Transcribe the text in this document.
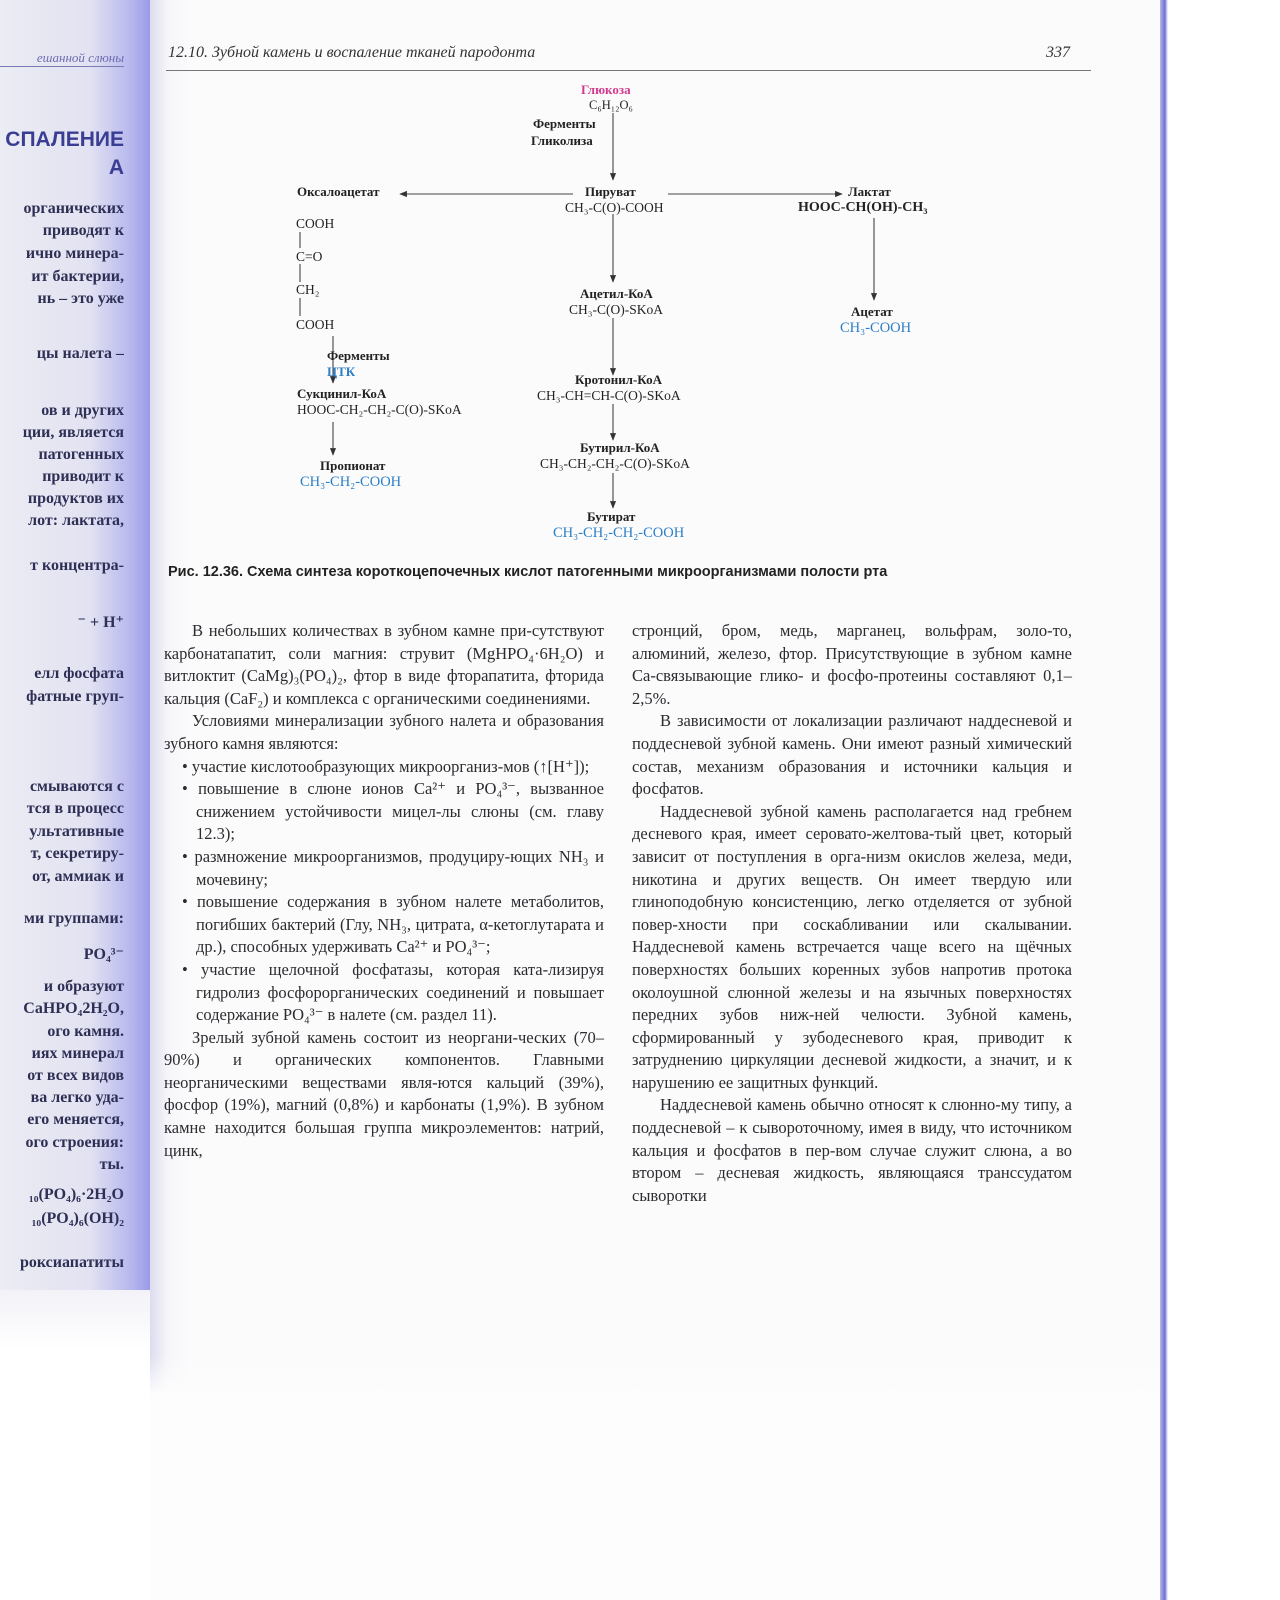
ешанной слюны
СПАЛЕНИЕ
А
органических
приводят к
ично минера-
ит бактерии,
нь – это уже
цы налета –
ов и других
ции, является
патогенных
приводит к
продуктов их
лот: лактата,
т концентра-
⁻ + H⁺
елл фосфата
фатные груп-
смываются с
тся в процесс
ультативные
т, секретиру-
от, аммиак и
ми группами:
PO₄³⁻
и образуют
CaHPO₄2H₂O,
ого камня.
иях минерал
от всех видов
ва легко уда-
его меняется,
ого строения:
ты.
₁₀(PO₄)₆·2H₂O
₁₀(PO₄)₆(OH)₂
роксиапатиты
12.10. Зубной камень и воспаление тканей пародонта	337
Глюкоза
C₆H₁₂O₆
Ферменты
Гликолиза
Пируват
CH₃-C(O)-COOH
Оксалоацетат
COOH
C=O
CH₂
COOH
Ферменты
ЦТК
Сукцинил-КоА
HOOC-CH₂-CH₂-C(O)-SKoA
Пропионат
CH₃-CH₂-COOH
Ацетил-КоА
CH₃-C(O)-SKoA
Кротонил-КоА
CH₃-CH=CH-C(O)-SKoA
Бутирил-КоА
CH₃-CH₂-CH₂-C(O)-SKoA
Бутират
CH₃-CH₂-CH₂-COOH
Лактат
HOOC-CH(OH)-CH₃
Ацетат
CH₃-COOH
Рис. 12.36. Схема синтеза короткоцепочечных кислот патогенными микроорганизмами полости рта

В небольших количествах в зубном камне при-сутствуют карбонатапатит, соли магния: струвит (MgHPO₄·6H₂O) и витлоктит (CaMg)₃(PO₄)₂, фтор в виде фторапатита, фторида кальция (CaF₂) и комплекса с органическими соединениями.

Условиями минерализации зубного налета и образования зубного камня являются:

• участие кислотообразующих микроорганиз-мов (↑[H⁺]);

• повышение в слюне ионов Ca²⁺ и PO₄³⁻, вызванное снижением устойчивости мицел-лы слюны (см. главу 12.3);

• размножение микроорганизмов, продуциру-ющих NH₃ и мочевину;

• повышение содержания в зубном налете метаболитов, погибших бактерий (Глу, NH₃, цитрата, α-кетоглутарата и др.), способных удерживать Ca²⁺ и PO₄³⁻;

• участие щелочной фосфатазы, которая ката-лизируя гидролиз фосфорорганических соединений и повышает содержание PO₄³⁻ в налете (см. раздел 11).

Зрелый зубной камень состоит из неоргани-ческих (70–90%) и органических компонентов. Главными неорганическими веществами явля-ются кальций (39%), фосфор (19%), магний (0,8%) и карбонаты (1,9%). В зубном камне находится большая группа микроэлементов: натрий, цинк,

стронций, бром, медь, марганец, вольфрам, золо-то, алюминий, железо, фтор. Присутствующие в зубном камне Са-связывающие глико- и фосфо-протеины составляют 0,1–2,5%.

В зависимости от локализации различают наддесневой и поддесневой зубной камень. Они имеют разный химический состав, механизм образования и источники кальция и фосфатов.

Наддесневой зубной камень располагается над гребнем десневого края, имеет серовато-желтова-тый цвет, который зависит от поступления в орга-низм окислов железа, меди, никотина и других веществ. Он имеет твердую или глиноподобную консистенцию, легко отделяется от зубной повер-хности при соскабливании или скалывании. Наддесневой камень встречается чаще всего на щёчных поверхностях больших коренных зубов напротив протока околоушной слюнной железы и на язычных поверхностях передних зубов ниж-ней челюсти. Зубной камень, сформированный у зубодесневого края, приводит к затруднению циркуляции десневой жидкости, а значит, и к нарушению ее защитных функций.

Наддесневой камень обычно относят к слюнно-му типу, а поддесневой – к сывороточному, имея в виду, что источником кальция и фосфатов в пер-вом случае служит слюна, а во втором – десневая жидкость, являющаяся транссудатом сыворотки
